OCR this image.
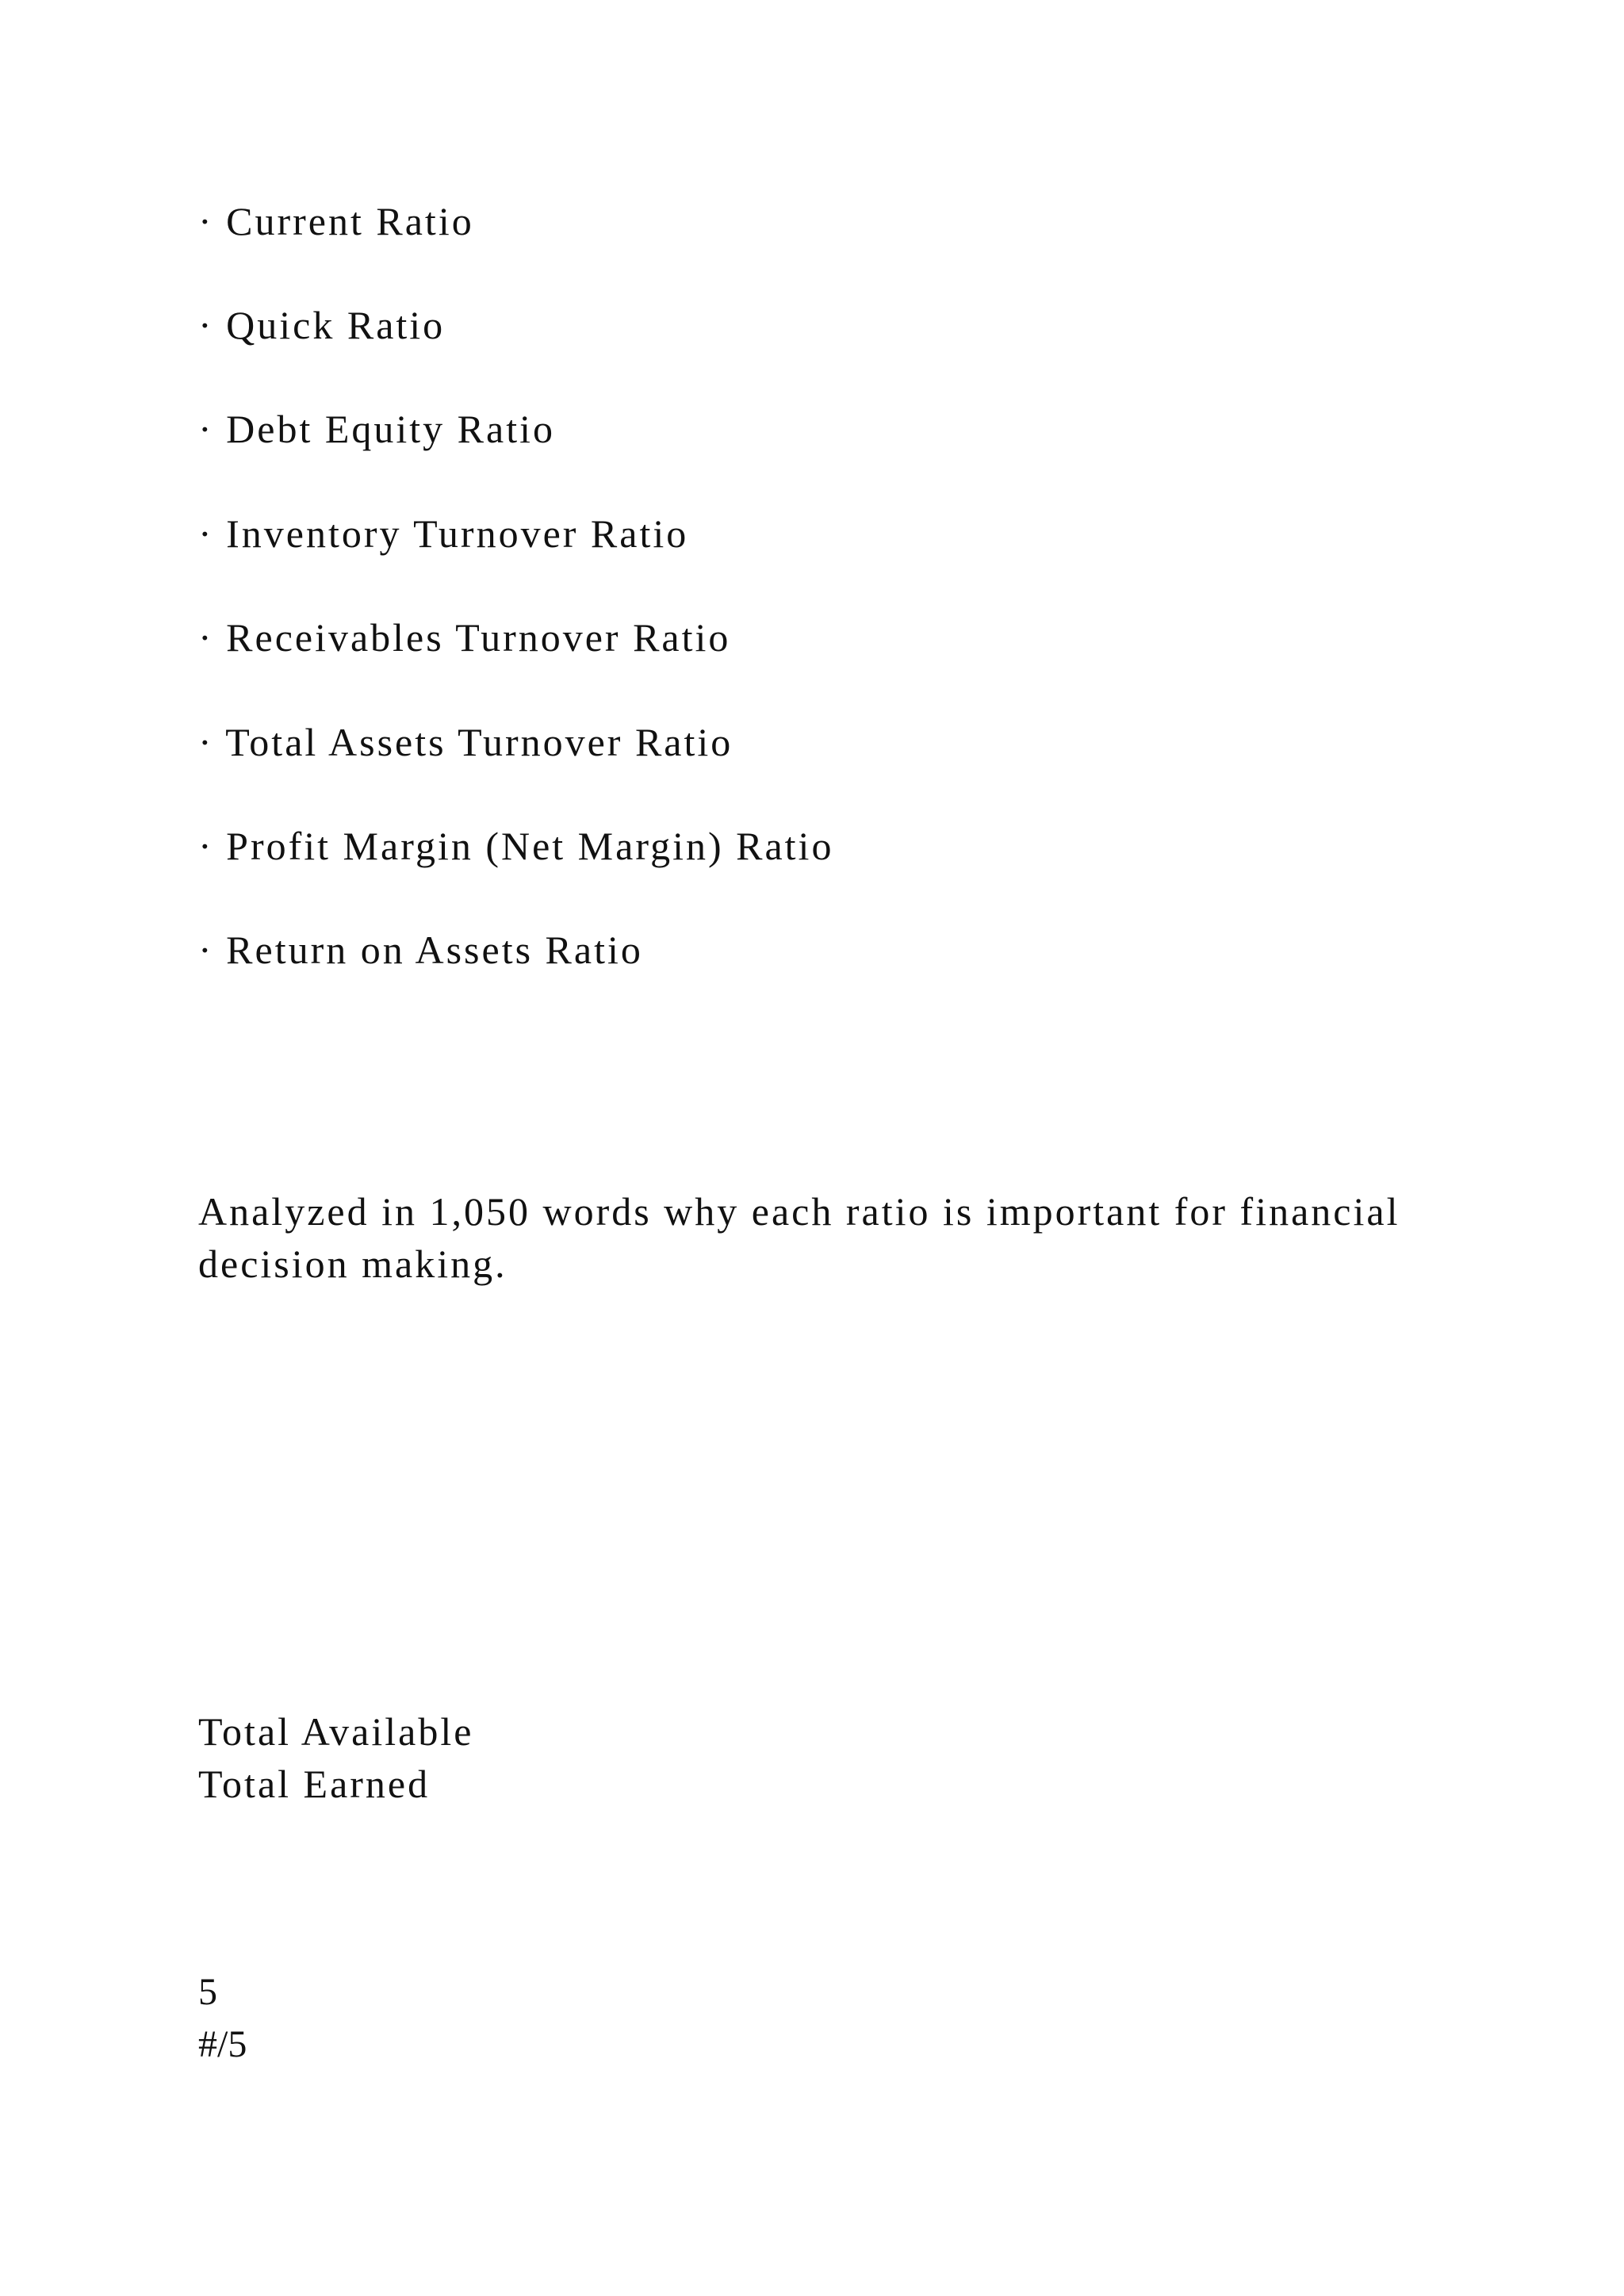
· Current Ratio
· Quick Ratio
· Debt Equity Ratio
· Inventory Turnover Ratio
· Receivables Turnover Ratio
· Total Assets Turnover Ratio
· Profit Margin (Net Margin) Ratio
· Return on Assets Ratio

Analyzed in 1,050 words why each ratio is important for financial decision making.

Total Available
Total Earned
5
#/5
